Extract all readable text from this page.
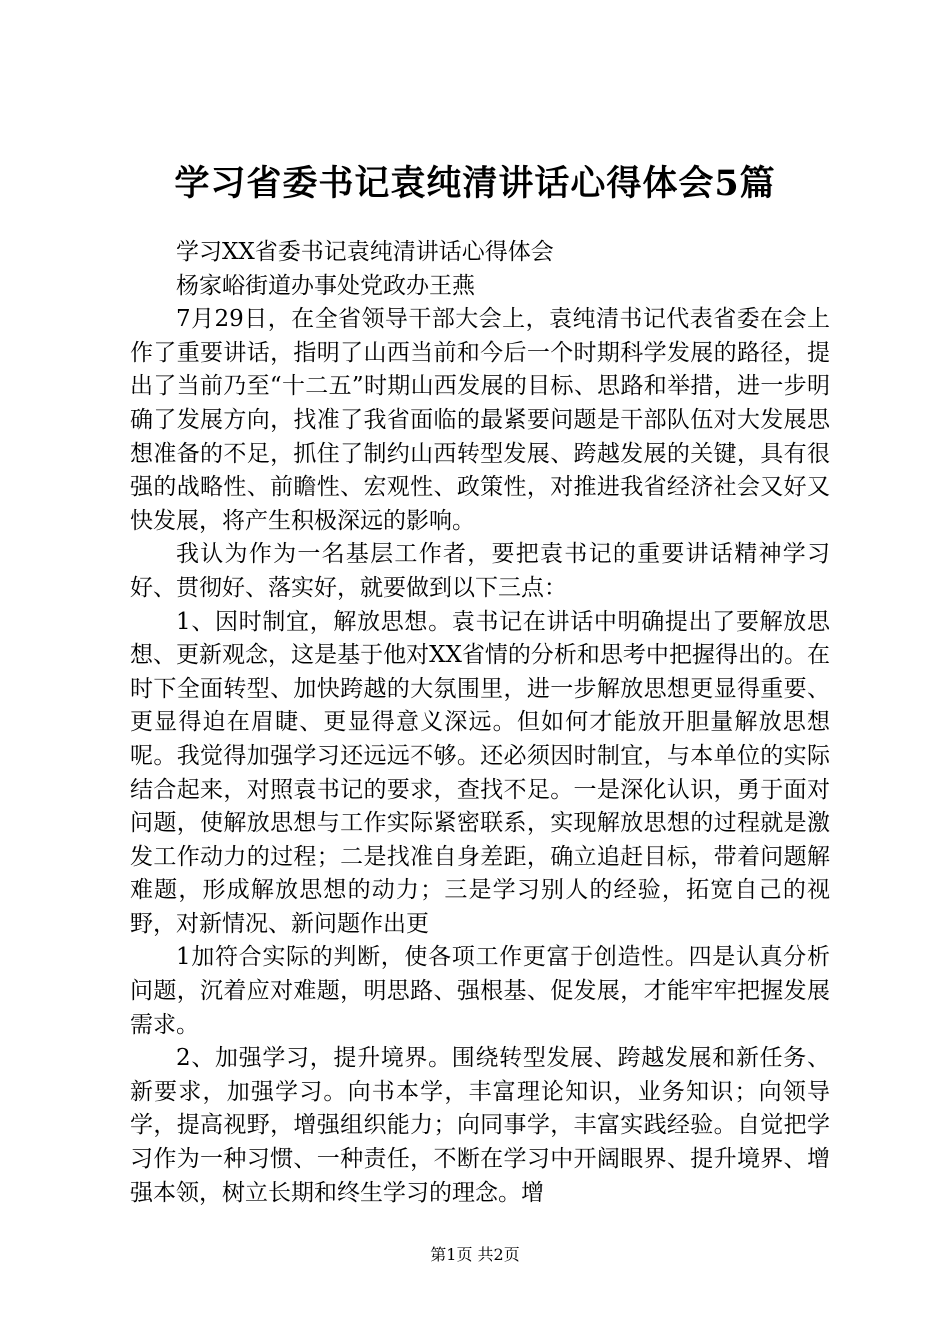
学习省委书记袁纯清讲话心得体会5篇

学习XX省委书记袁纯清讲话心得体会

杨家峪街道办事处党政办王燕

7月29日，在全省领导干部大会上，袁纯清书记代表省委在会上作了重要讲话，指明了山西当前和今后一个时期科学发展的路径，提出了当前乃至“十二五”时期山西发展的目标、思路和举措，进一步明确了发展方向，找准了我省面临的最紧要问题是干部队伍对大发展思想准备的不足，抓住了制约山西转型发展、跨越发展的关键，具有很强的战略性、前瞻性、宏观性、政策性，对推进我省经济社会又好又快发展，将产生积极深远的影响。

我认为作为一名基层工作者，要把袁书记的重要讲话精神学习好、贯彻好、落实好，就要做到以下三点：

1、因时制宜，解放思想。袁书记在讲话中明确提出了要解放思想、更新观念，这是基于他对XX省情的分析和思考中把握得出的。在时下全面转型、加快跨越的大氛围里，进一步解放思想更显得重要、更显得迫在眉睫、更显得意义深远。但如何才能放开胆量解放思想呢。我觉得加强学习还远远不够。还必须因时制宜，与本单位的实际结合起来，对照袁书记的要求，查找不足。一是深化认识，勇于面对问题，使解放思想与工作实际紧密联系，实现解放思想的过程就是激发工作动力的过程；二是找准自身差距，确立追赶目标，带着问题解难题，形成解放思想的动力；三是学习别人的经验，拓宽自己的视野，对新情况、新问题作出更

1加符合实际的判断，使各项工作更富于创造性。四是认真分析问题，沉着应对难题，明思路、强根基、促发展，才能牢牢把握发展需求。

2、加强学习，提升境界。围绕转型发展、跨越发展和新任务、新要求，加强学习。向书本学，丰富理论知识，业务知识；向领导学，提高视野，增强组织能力；向同事学，丰富实践经验。自觉把学习作为一种习惯、一种责任，不断在学习中开阔眼界、提升境界、增强本领，树立长期和终生学习的理念。增

第1页 共2页
